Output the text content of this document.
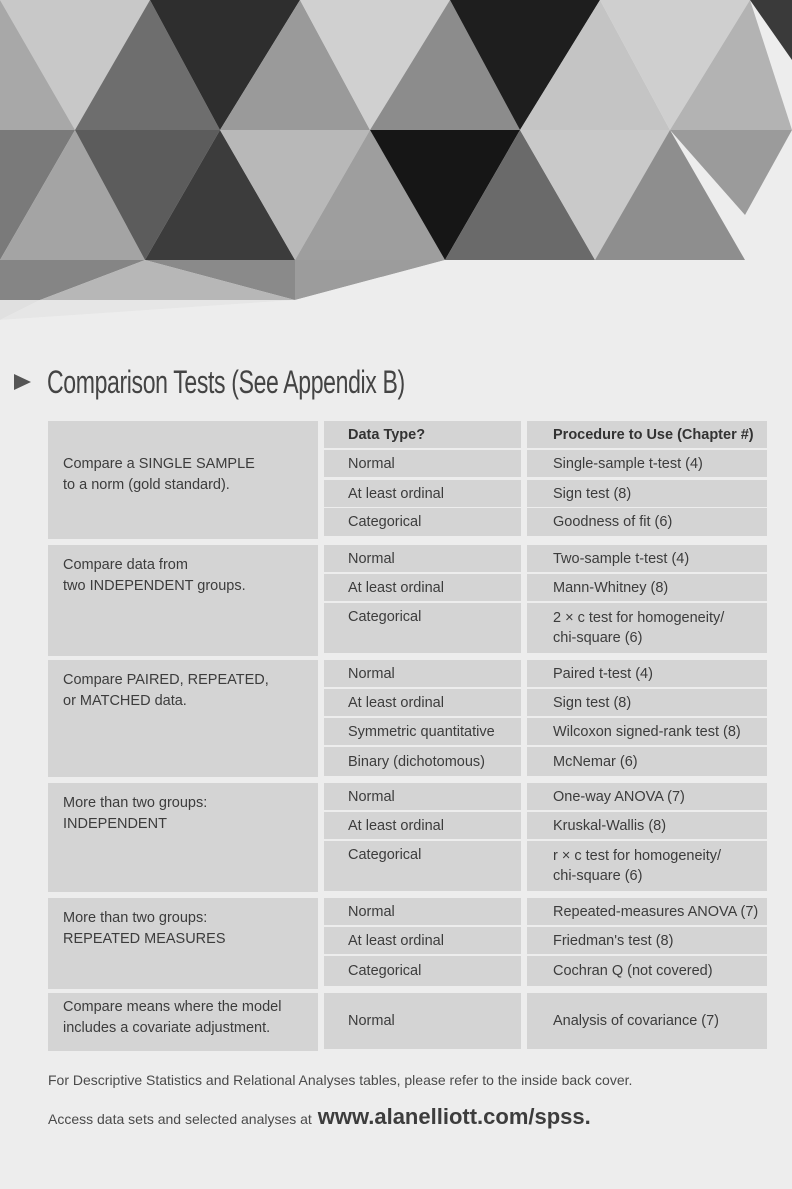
Comparison Tests (See Appendix B)
Data Type?	Procedure to Use (Chapter #)
Compare a SINGLE SAMPLE
to a norm (gold standard).
Normal	Single-sample t-test (4)
At least ordinal	Sign test (8)
Categorical	Goodness of fit (6)
Compare data from
two INDEPENDENT groups.
Normal	Two-sample t-test (4)
At least ordinal	Mann-Whitney (8)
Categorical	2 × c test for homogeneity/
chi-square (6)
Compare PAIRED, REPEATED,
or MATCHED data.
Normal	Paired t-test (4)
At least ordinal	Sign test (8)
Symmetric quantitative	Wilcoxon signed-rank test (8)
Binary (dichotomous)	McNemar (6)
More than two groups: INDEPENDENT

Normal	One-way ANOVA (7)
At least ordinal	Kruskal-Wallis (8)
Categorical	r × c test for homogeneity/
chi-square (6)
More than two groups:
REPEATED MEASURES
Normal	Repeated-measures ANOVA (7)
At least ordinal	Friedman's test (8)
Categorical	Cochran Q (not covered)
Compare means where the model
includes a covariate adjustment.	Normal	Analysis of covariance (7)
For Descriptive Statistics and Relational Analyses tables, please refer to the inside back cover.
Access data sets and selected analyses at www.alanelliott.com/spss.
